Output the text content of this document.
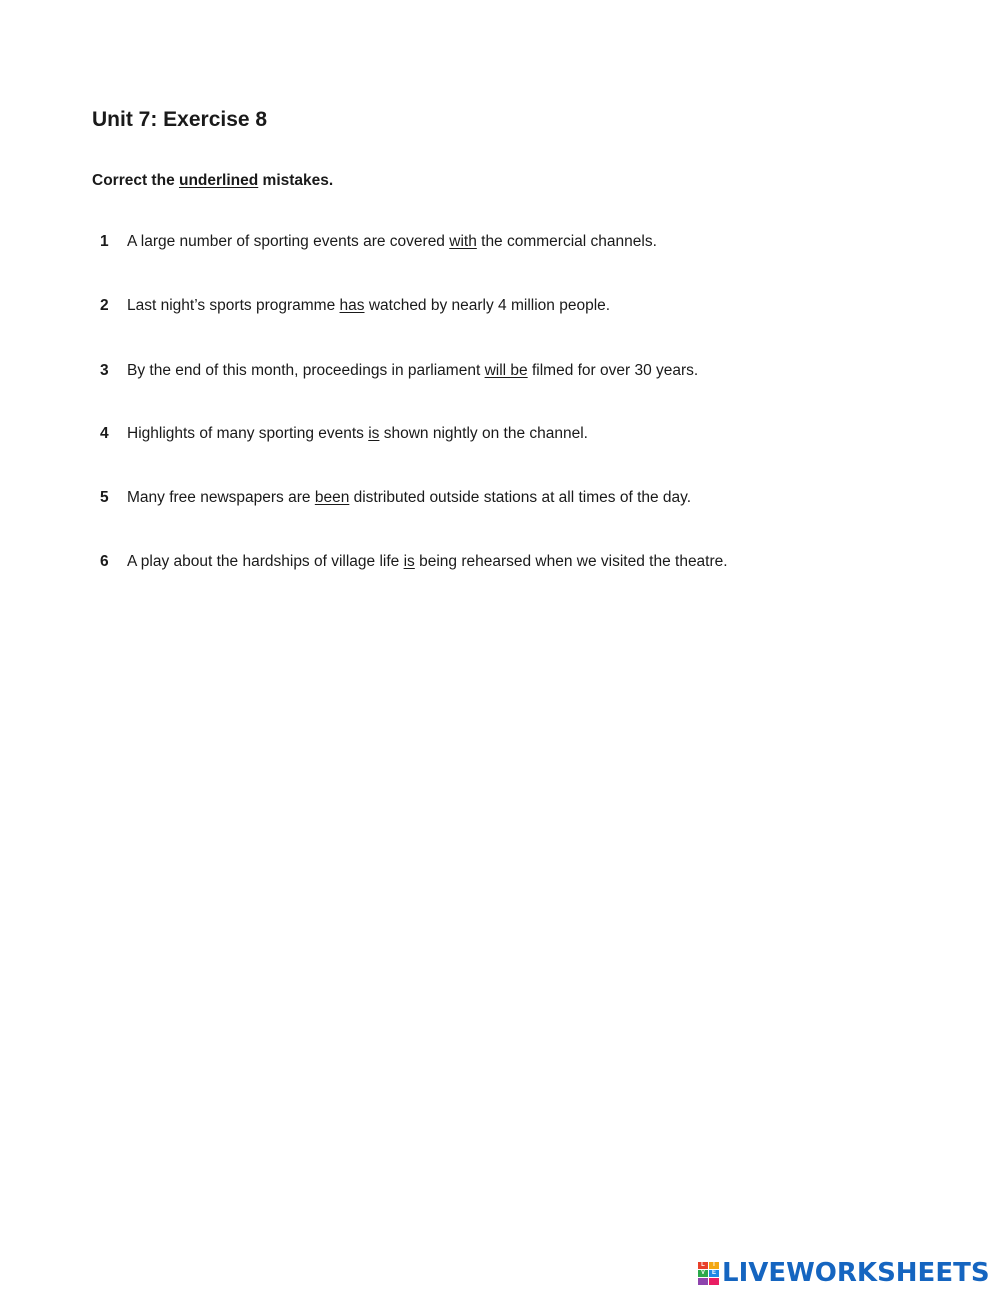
Unit 7: Exercise 8

Correct the underlined mistakes.

1 A large number of sporting events are covered with the commercial channels.
2 Last night’s sports programme has watched by nearly 4 million people.
3 By the end of this month, proceedings in parliament will be filmed for over 30 years.
4 Highlights of many sporting events is shown nightly on the channel.
5 Many free newspapers are been distributed outside stations at all times of the day.
6 A play about the hardships of village life is being rehearsed when we visited the theatre.
L	I
V	E LIVEWORKSHEETS
